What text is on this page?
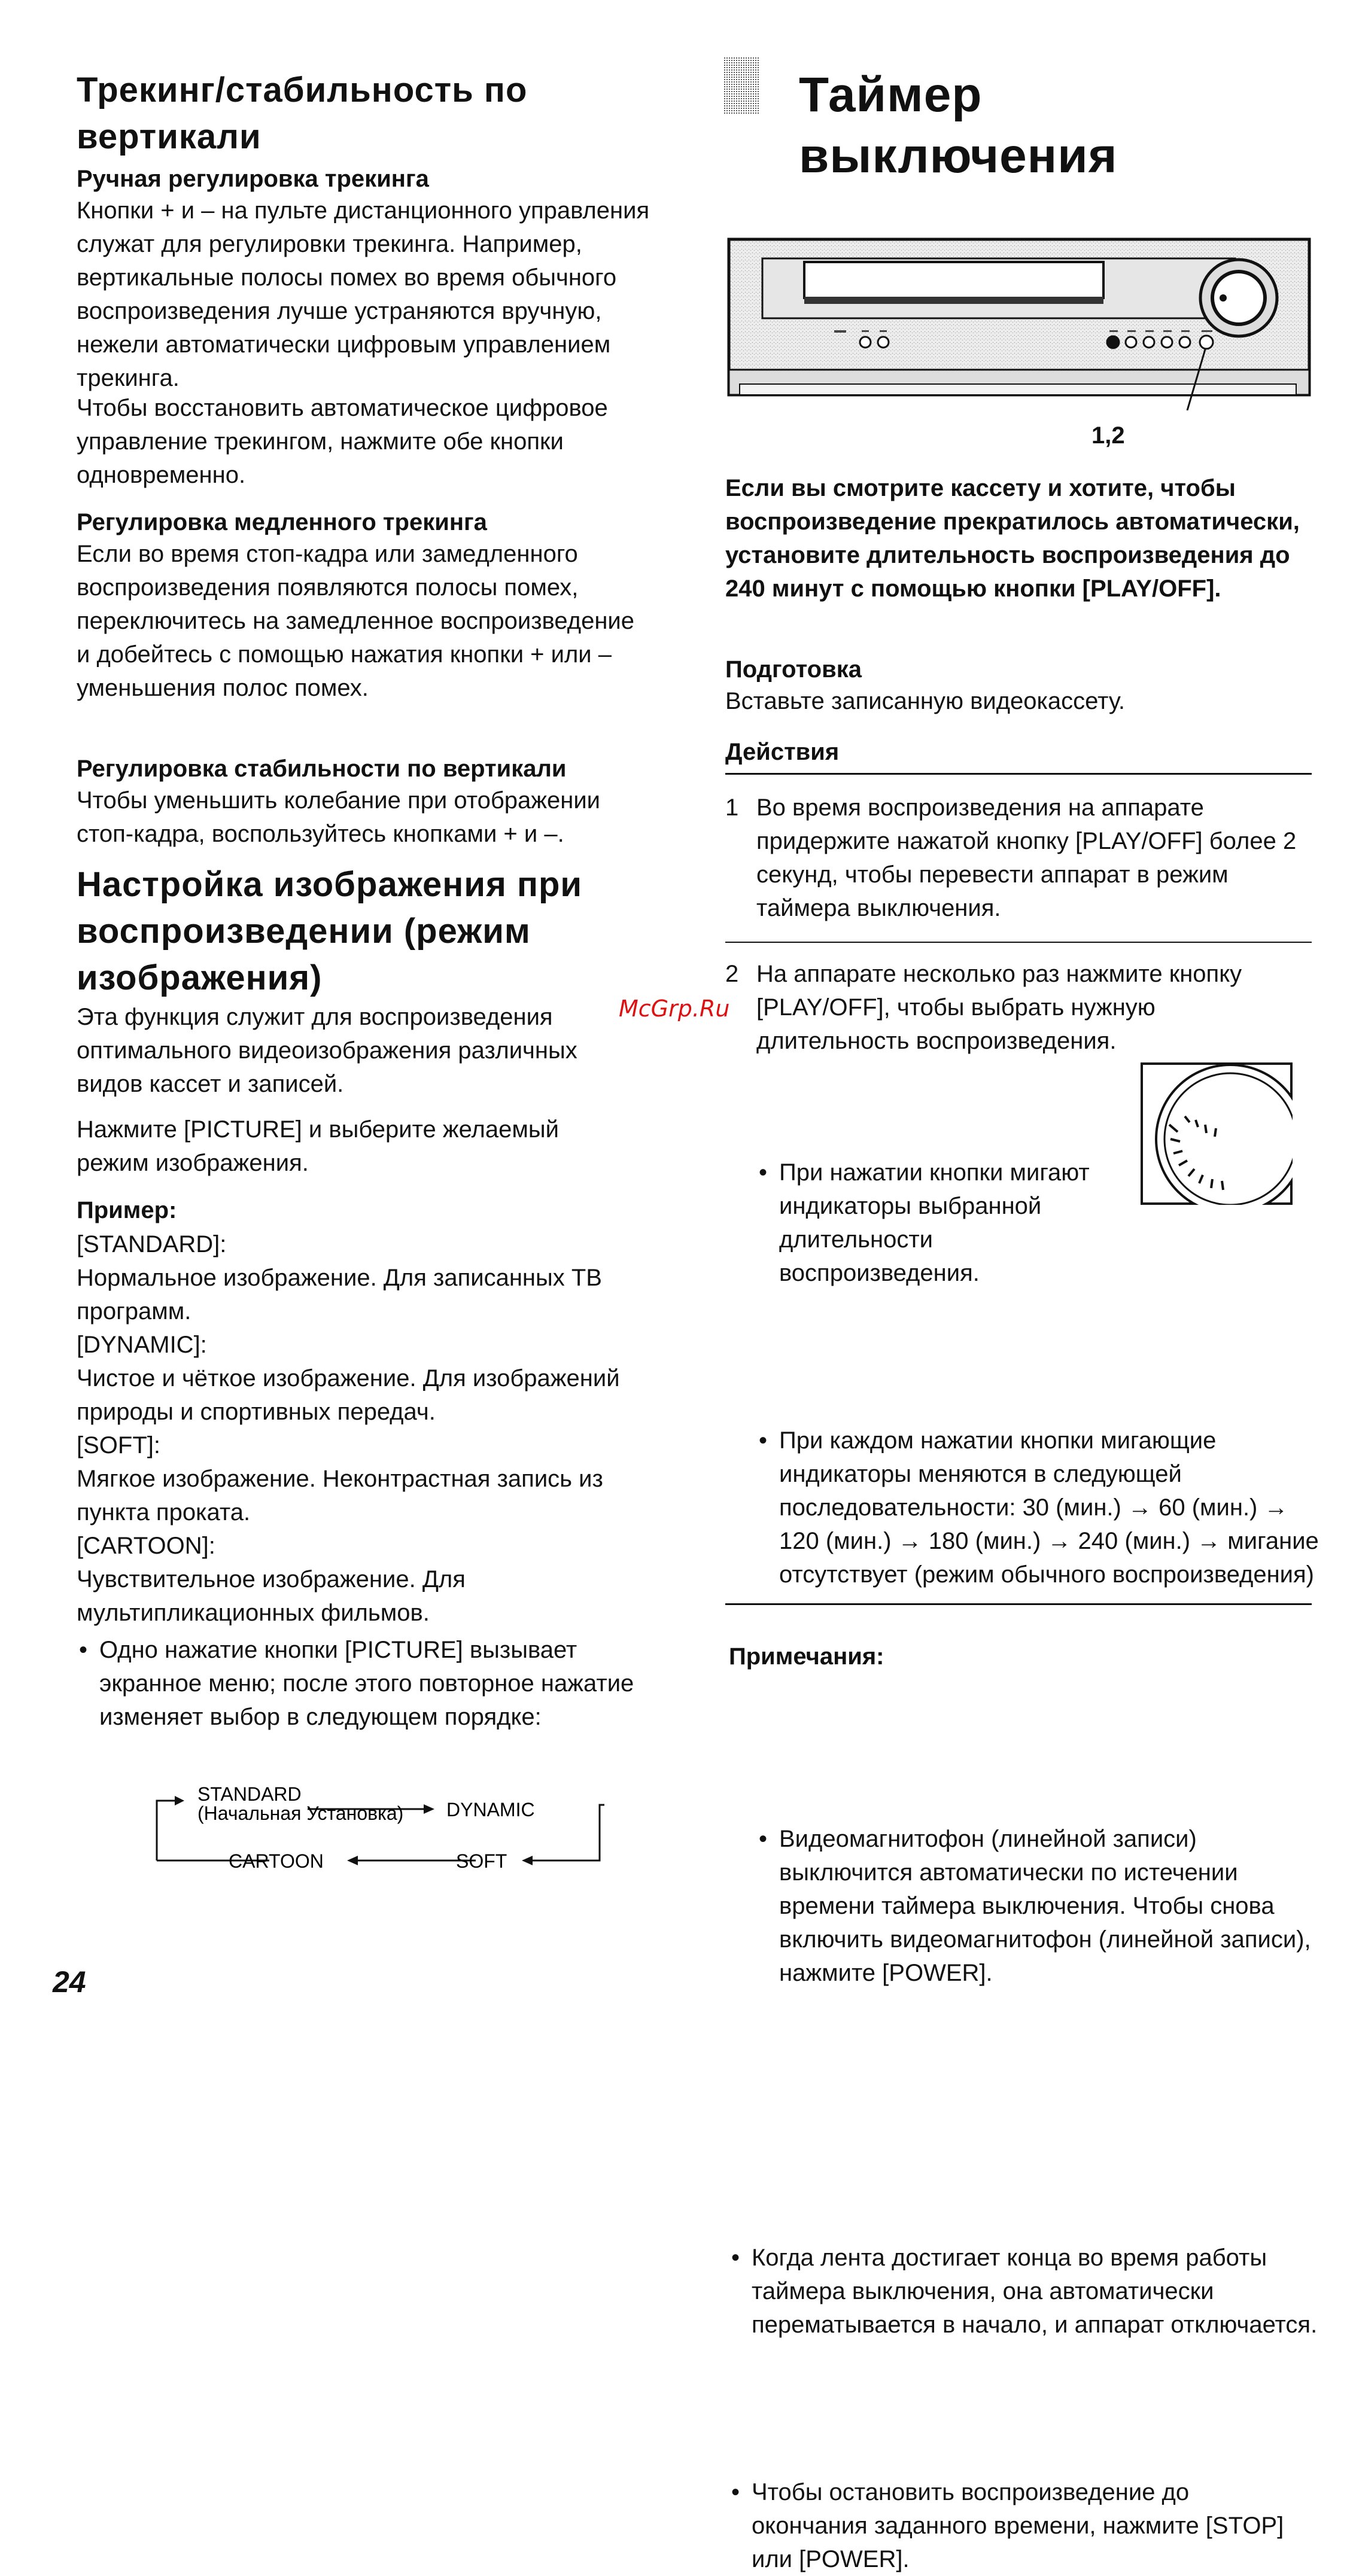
Трекинг/стабильность по вертикали
Ручная регулировка трекинга

Кнопки + и – на пульте дистанционного управления служат для регулировки трекинга. Например, вертикальные полосы помех во время обычного воспроизведения лучше устраняются вручную, нежели автоматически цифровым управлением трекинга.

Чтобы восстановить автоматическое цифровое управление трекингом, нажмите обе кнопки одновременно.

Регулировка медленного трекинга

Если во время стоп-кадра или замедленного воспроизведения появляются полосы помех, переключитесь на замедленное воспроизведение и добейтесь с помощью нажатия кнопки + или – уменьшения полос помех.

Регулировка стабильности по вертикали

Чтобы уменьшить колебание при отображении стоп-кадра, воспользуйтесь кнопками + и –.

Настройка изображения при воспроизведении (режим изображения)

Эта функция служит для воспроизведения оптимального видеоизображения различных видов кассет и записей.

Нажмите [PICTURE] и выберите желаемый режим изображения.

Пример:

[STANDARD]:

Нормальное изображение. Для записанных ТВ программ.

[DYNAMIC]:

Чистое и чёткое изображение. Для изображений природы и спортивных передач.

[SOFT]:

Мягкое изображение. Неконтрастная запись из пункта проката.

[CARTOON]:

Чувствительное изображение. Для мультипликационных фильмов.

• Одно нажатие кнопки [PICTURE] вызывает экранное меню; после этого повторное нажатие изменяет выбор в следующем порядке:

STANDARD
(Начальная Установка) DYNAMIC
CARTOON	SOFT
24
Таймер выключения
1,2

Если вы смотрите кассету и хотите, чтобы воспроизведение прекратилось автоматически, установите длительность воспроизведения до 240 минут с помощью кнопки [PLAY/OFF].

Подготовка

Вставьте записанную видеокассету.

Действия
1 Во время воспроизведения на аппарате придержите нажатой кнопку [PLAY/OFF] более 2 секунд, чтобы перевести аппарат в режим таймера выключения.

2 На аппарате несколько раз нажмите кнопку [PLAY/OFF], чтобы выбрать нужную длительность воспроизведения.

• При нажатии кнопки мигают индикаторы выбранной длительности воспроизведения.

• При каждом нажатии кнопки мигающие индикаторы меняются в следующей последовательности: 30 (мин.) → 60 (мин.) → 120 (мин.) → 180 (мин.) → 240 (мин.) → мигание отсутствует (режим обычного воспроизведения)

• Видеомагнитофон (линейной записи) выключится автоматически по истечении времени таймера выключения. Чтобы снова включить видеомагнитофон (линейной записи), нажмите [POWER].

Примечания:

• Когда лента достигает конца во время работы таймера выключения, она автоматически перематывается в начало, и аппарат отключается.

• Чтобы остановить воспроизведение до окончания заданного времени, нажмите [STOP] или [POWER].

McGrp.Ru
